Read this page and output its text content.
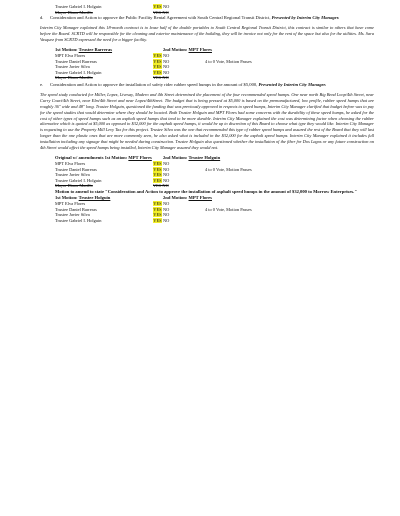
Trustee Gabriel I. Holguin	YES NO
Mayor Diana Murillo	YES NO
d. Consideration and Action to approve the Public Facility Rental Agreement with South Central Regional Transit District, Presented by Interim City Manager.
Interim City Manager explained this 18-month contract is to lease half of the double portables to South Central Regional Transit District, this contract is similar to others that have come before the Board. SCRTD will be responsible for the cleaning and exterior maintenance of the building, they will be invoice not only for the rent of the space but also for the utilities. Ms. Sara Vasquez from SCRTD expressed the need for a bigger facility.
1st Motion: Trustee Barreras	2nd Motion: MPT Flores
MPT Elva Flores	YES NO
Trustee Daniel Barreras	YES NO	4 to 0 Vote, Motion Passes
Trustee Javier Silva	YES NO
Trustee Gabriel I. Holguin	YES NO
Mayor Diana Murillo	YES NO
e. Consideration and Action to approve the installation of safety rider rubber speed humps in the amount of $5,000, Presented by Interim City Manager.
The speed study conducted for Miller, Lopez, Livesay, Madero and 4th Street determined the placement of the four recommended speed humps. One near north Big Bend Loop/4th Street, near Curry Court/4th Street, near Elm/4th Street and near Lopez/4thStreet. The budget that is being pressed at $5,000 is based on the premanufactured, low profile, rubber speed humps that are roughly 36" wide and 48" long. Trustee Holguin, questioned the funding that was previously approved in respects to speed humps, Interim City Manager clarified that budget before was to pay for the speed studies that would determine where they should be located. Both Trustee Holguin and MPT Flores had some concerns with the durability of these speed humps, he asked for the cost of other types of speed humps such as an asphalt speed humps that tend to be more durable. Interim City Manager explained the cost was determining factor when choosing the rubber alternative which is quoted at $5,000 as opposed to $32,000 for the asphalt speed humps, it would be up to discretion of this Board to choose what type they would like. Interim City Manager is requesting to use the Property Mill Levy Tax for this project. Trustee Silva was the one that recommended this type of rubber speed humps and assured the rest of the Board that they will last longer than the one plastic ones that are more commonly seen, he also asked what is included in the $32,000 for the asphalt speed humps. Interim City Manager explained it includes full installation including any signage that might be needed during construction. Trustee Holguin also questioned whether the installation of the fiber for Dos Lagos or any future construction on 4th Street would affect the speed humps being installed, Interim City Manager assured they would not.
Original w/ amendments 1st Motion: MPT Flores 2nd Motion: Trustee Holguin
MPT Elva Flores	YES NO
Trustee Daniel Barreras	YES NO	4 to 0 Vote, Motion Passes
Trustee Javier Silva	YES NO
Trustee Gabriel I. Holguin	YES NO
Mayor Diana Murillo	YES NO
Motion to amend to state "Consideration and Action to approve the installation of asphalt speed humps in the amount of $32,000 to Morrow Enterprises."
1st Motion: Trustee Holguin	2nd Motion: MPT Flores
MPT Elva Flores	YES NO
Trustee Daniel Barreras	YES NO	4 to 0 Vote, Motion Passes
Trustee Javier Silva	YES NO
Trustee Gabriel I. Holguin	YES NO
